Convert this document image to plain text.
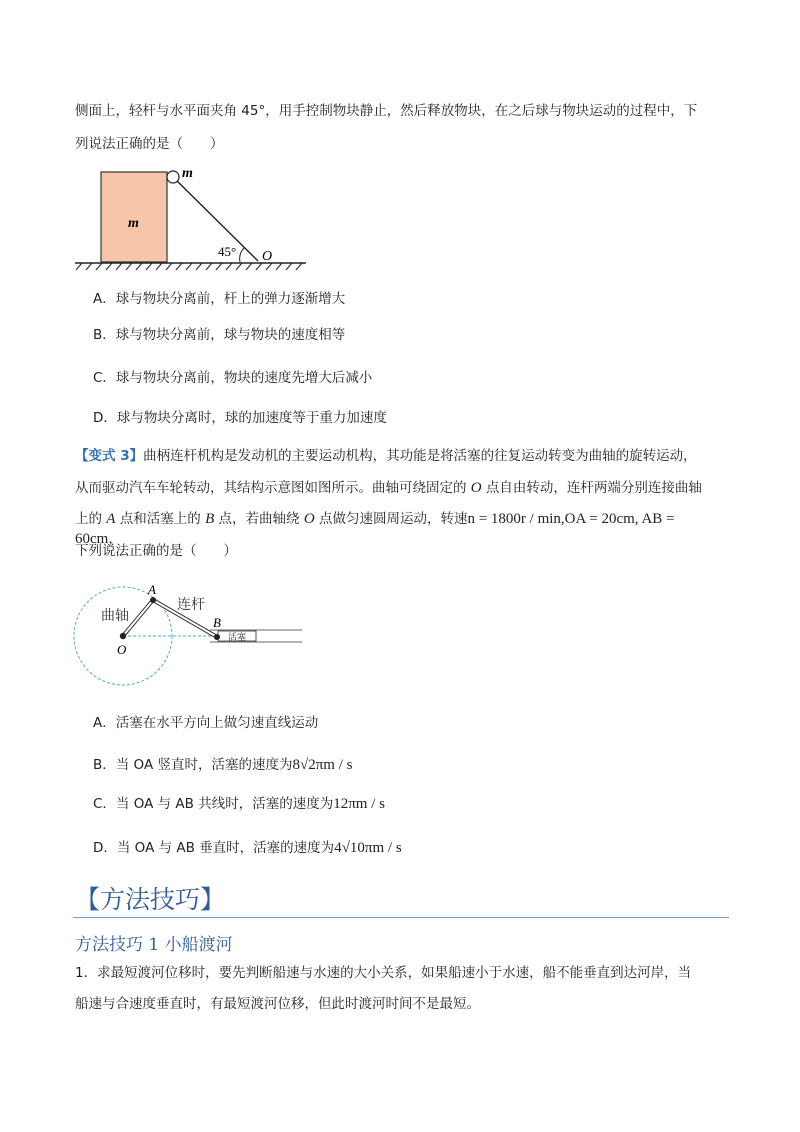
侧面上，轻杆与水平面夹角 45°，用手控制物块静止，然后释放物块，在之后球与物块运动的过程中，下
列说法正确的是（　　）
m
m
45° O
A．球与物块分离前，杆上的弹力逐渐增大
B．球与物块分离前，球与物块的速度相等
C．球与物块分离前，物块的速度先增大后减小
D．球与物块分离时，球的加速度等于重力加速度
【变式 3】曲柄连杆机构是发动机的主要运动机构，其功能是将活塞的往复运动转变为曲轴的旋转运动，
从而驱动汽车车轮转动，其结构示意图如图所示。曲轴可绕固定的 O 点自由转动，连杆两端分别连接曲轴
上的 A 点和活塞上的 B 点，若曲轴绕 O 点做匀速圆周运动，转速n = 1800r / min,OA = 20cm, AB = 60cm，
下列说法正确的是（　　）
活塞
A
B
O
曲轴
连杆
A．活塞在水平方向上做匀速直线运动
B．当 OA 竖直时，活塞的速度为8√2πm / s
C．当 OA 与 AB 共线时，活塞的速度为12πm / s
D．当 OA 与 AB 垂直时，活塞的速度为4√10πm / s
【方法技巧】
方法技巧 1 小船渡河
1．求最短渡河位移时，要先判断船速与水速的大小关系，如果船速小于水速，船不能垂直到达河岸，当
船速与合速度垂直时，有最短渡河位移，但此时渡河时间不是最短。
